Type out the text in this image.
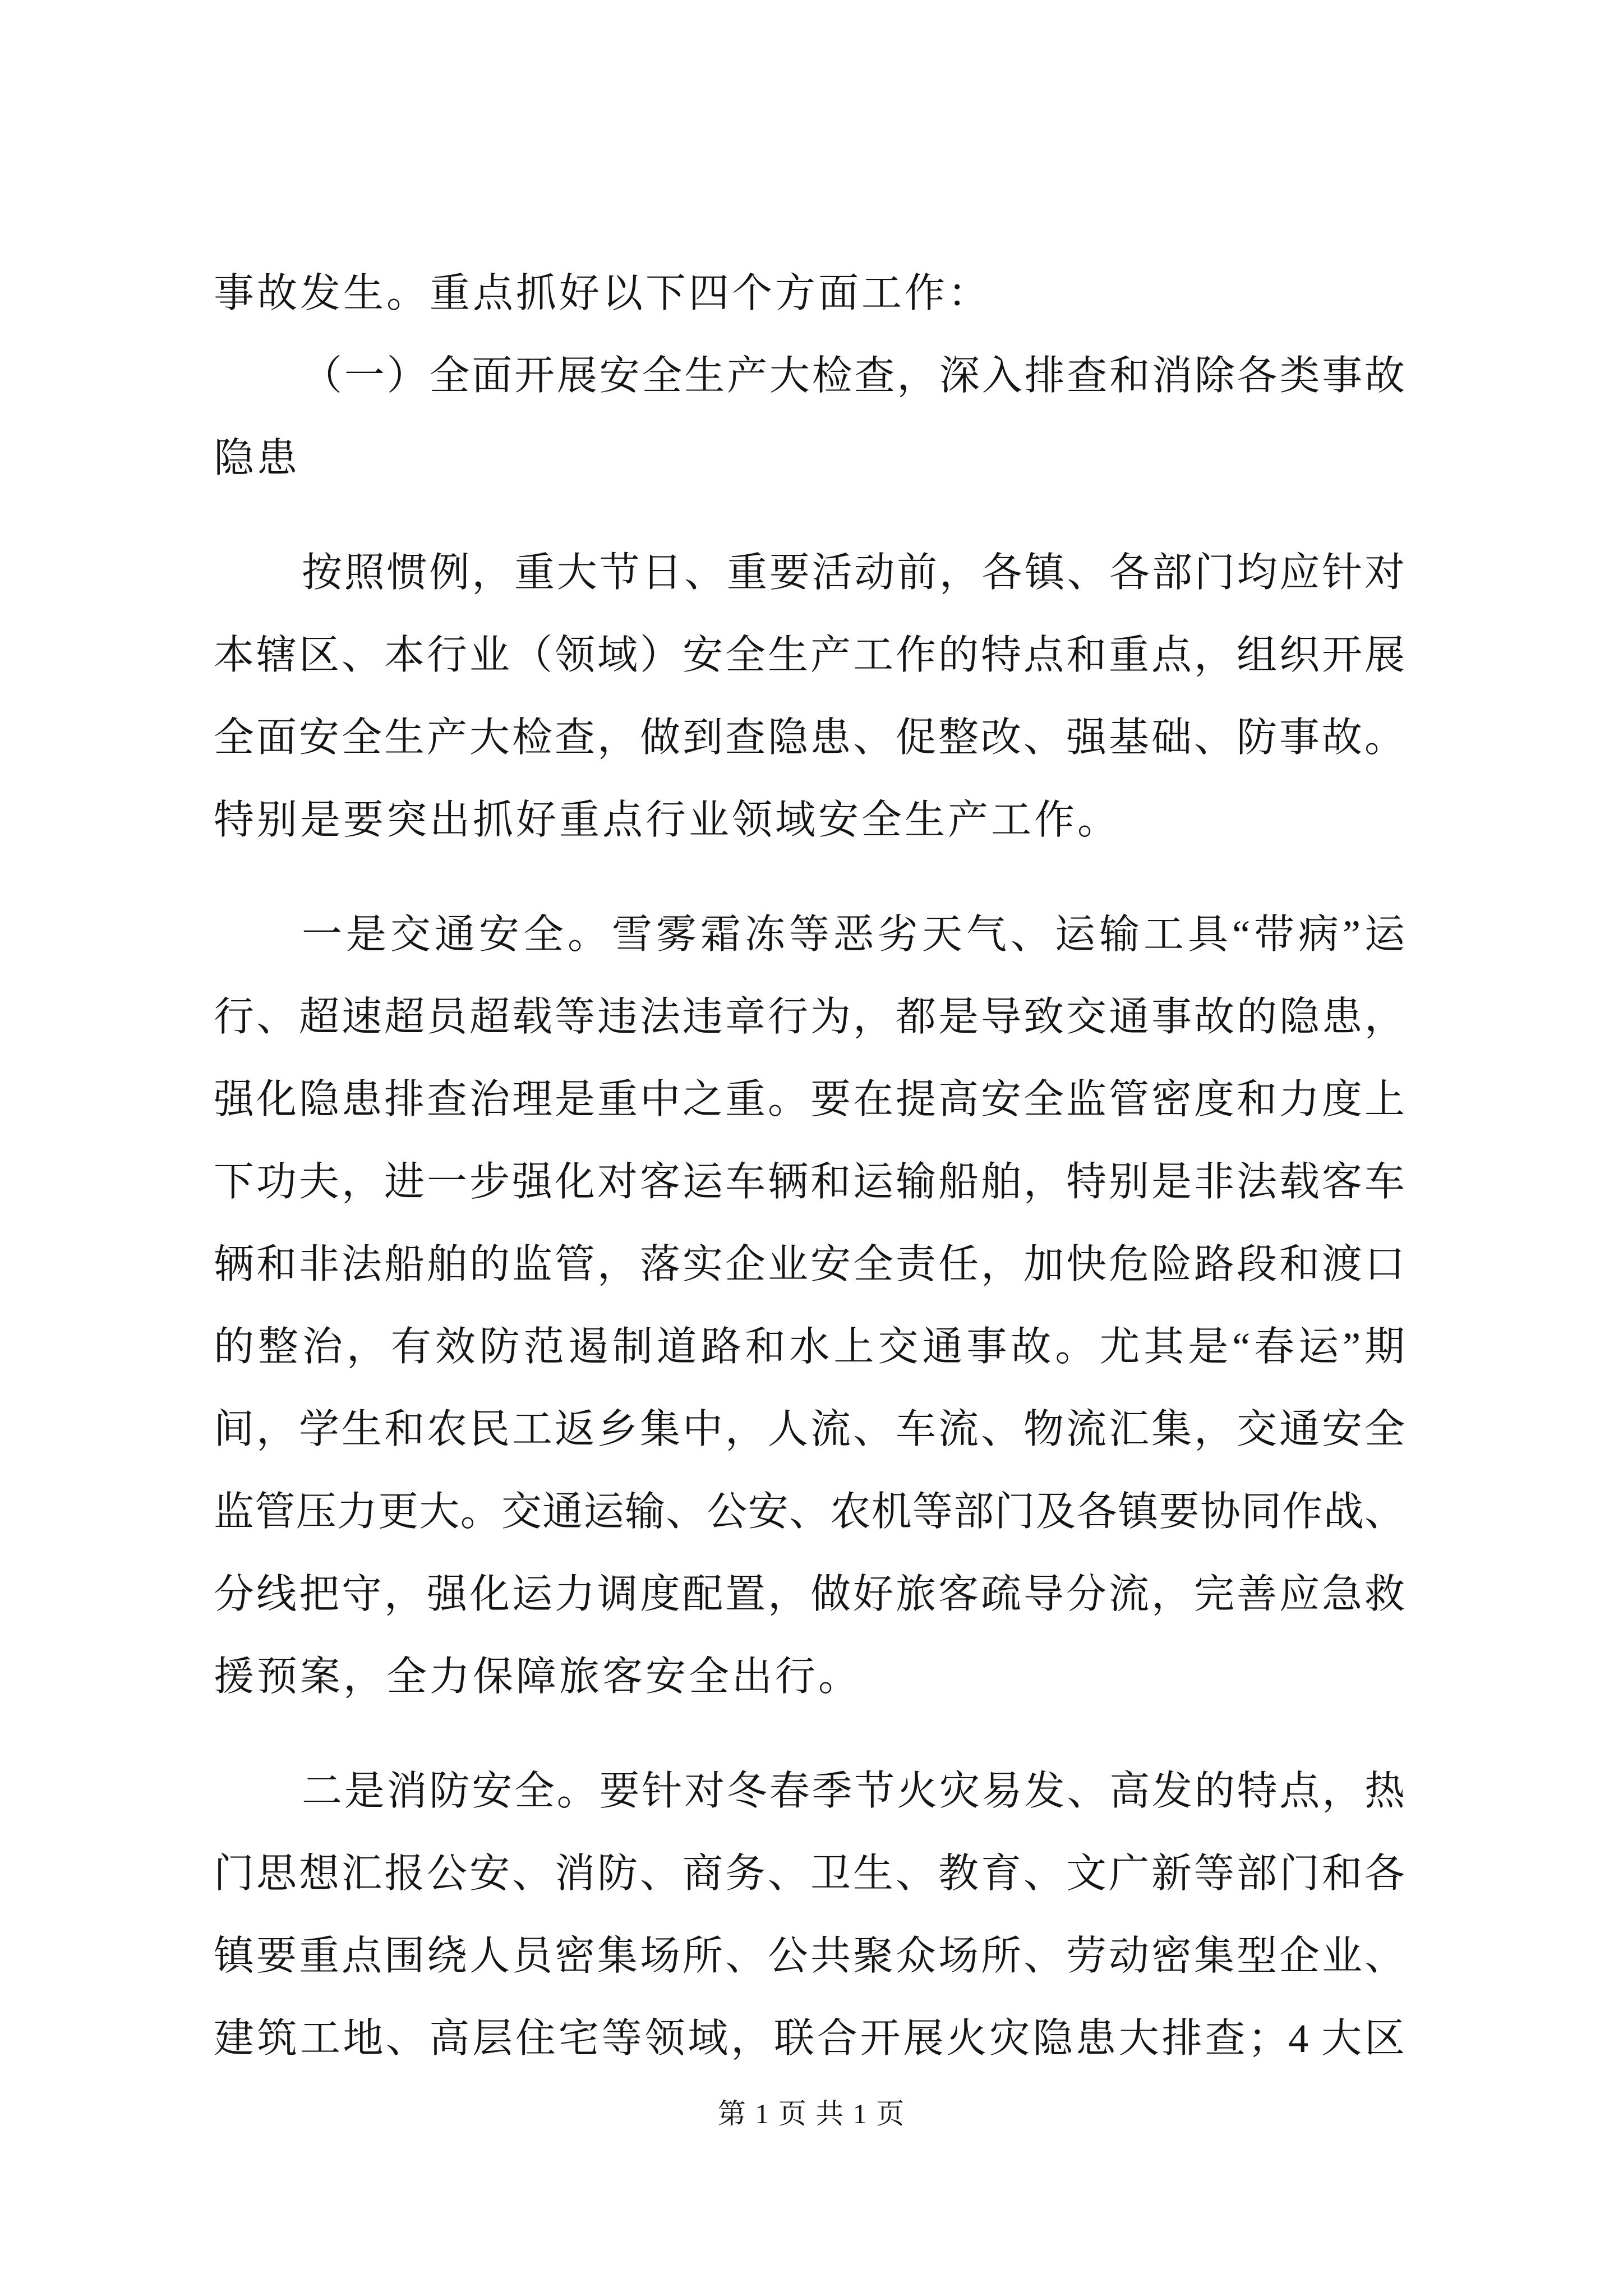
事故发生。重点抓好以下四个方面工作：
（一）全面开展安全生产大检查，深入排查和消除各类事故
隐患
按照惯例，重大节日、重要活动前，各镇、各部门均应针对
本辖区、本行业（领域）安全生产工作的特点和重点，组织开展
全面安全生产大检查，做到查隐患、促整改、强基础、防事故。
特别是要突出抓好重点行业领域安全生产工作。
一是交通安全。雪雾霜冻等恶劣天气、运输工具“带病”运
行、超速超员超载等违法违章行为，都是导致交通事故的隐患，
强化隐患排查治理是重中之重。要在提高安全监管密度和力度上
下功夫，进一步强化对客运车辆和运输船舶，特别是非法载客车
辆和非法船舶的监管，落实企业安全责任，加快危险路段和渡口
的整治，有效防范遏制道路和水上交通事故。尤其是“春运”期
间，学生和农民工返乡集中，人流、车流、物流汇集，交通安全
监管压力更大。交通运输、公安、农机等部门及各镇要协同作战、
分线把守，强化运力调度配置，做好旅客疏导分流，完善应急救
援预案，全力保障旅客安全出行。
二是消防安全。要针对冬春季节火灾易发、高发的特点，热
门思想汇报公安、消防、商务、卫生、教育、文广新等部门和各
镇要重点围绕人员密集场所、公共聚众场所、劳动密集型企业、
建筑工地、高层住宅等领域，联合开展火灾隐患大排查；4 大区
第 1 页 共 1 页
